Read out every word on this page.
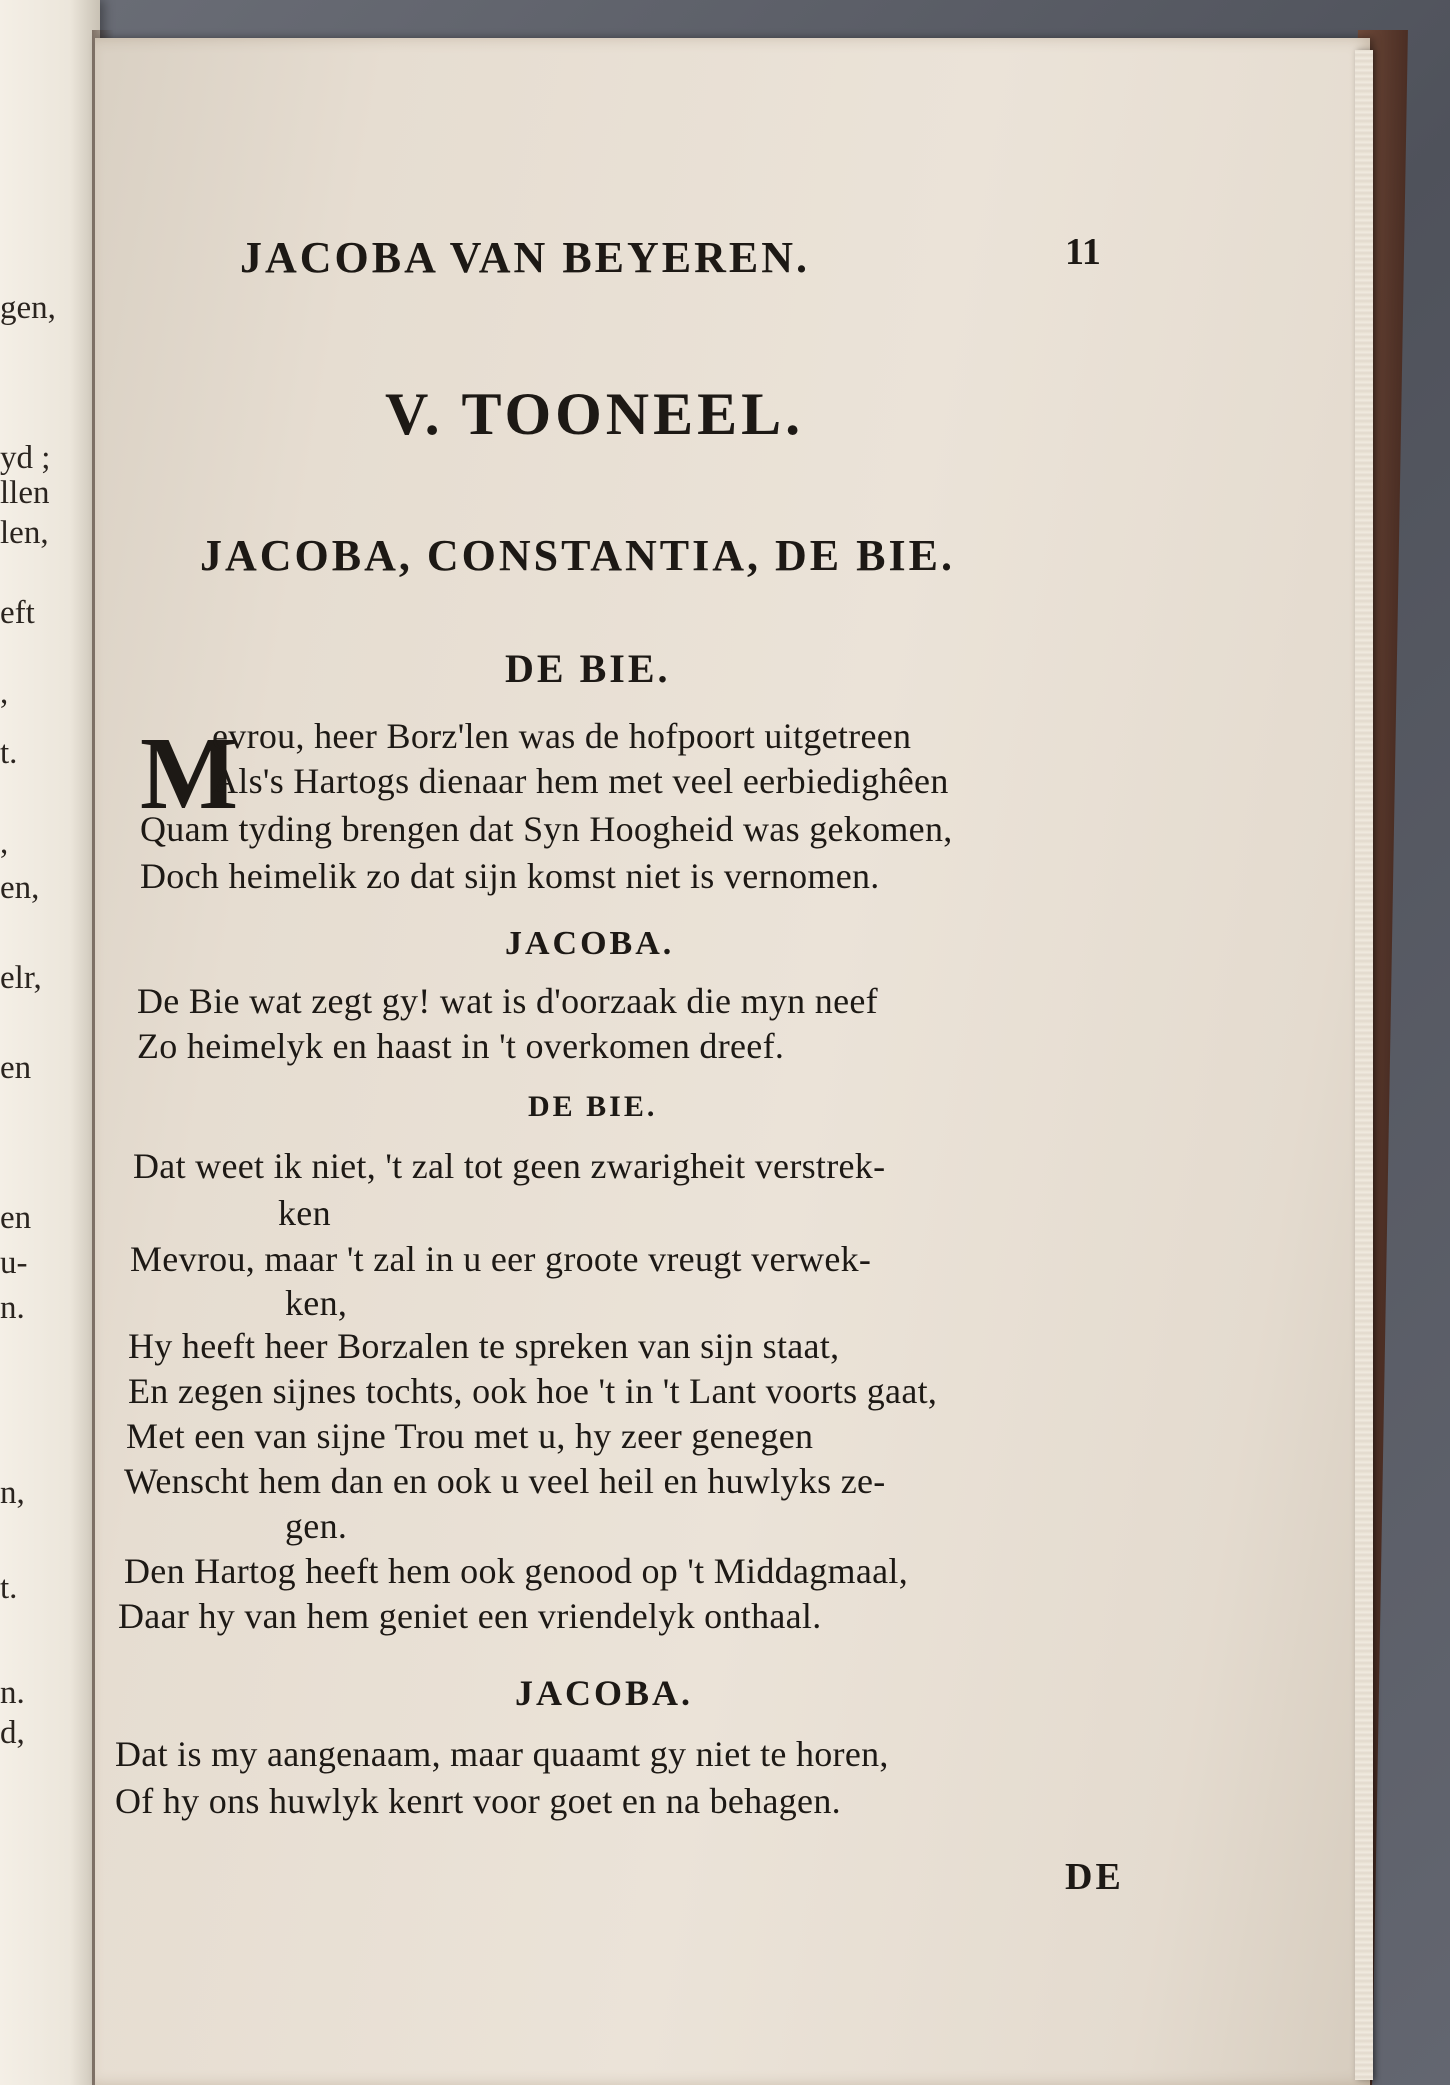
gen,
yd ;
llen
len,
eft
,
t.
,
en,
elr,
en
en
u-
n.
n,
t.
n.
d,
JACOBA VAN BEYEREN.	11
V. TOONEEL.
JACOBA, CONSTANTIA, DE BIE.
DE BIE.
M
evrou, heer Borz'len was de hofpoort uitgetreen
Als's Hartogs dienaar hem met veel eerbiedighêen
Quam tyding brengen dat Syn Hoogheid was gekomen,
Doch heimelik zo dat sijn komst niet is vernomen.
JACOBA.
De Bie wat zegt gy! wat is d'oorzaak die myn neef
Zo heimelyk en haast in 't overkomen dreef.
DE BIE.
Dat weet ik niet, 't zal tot geen zwarigheit verstrek-
ken
Mevrou, maar 't zal in u eer groote vreugt verwek-
ken,
Hy heeft heer Borzalen te spreken van sijn staat,
En zegen sijnes tochts, ook hoe 't in 't Lant voorts gaat,
Met een van sijne Trou met u, hy zeer genegen
Wenscht hem dan en ook u veel heil en huwlyks ze-
gen.
Den Hartog heeft hem ook genood op 't Middagmaal,
Daar hy van hem geniet een vriendelyk onthaal.
JACOBA.
Dat is my aangenaam, maar quaamt gy niet te horen,
Of hy ons huwlyk kenrt voor goet en na behagen.
DE
